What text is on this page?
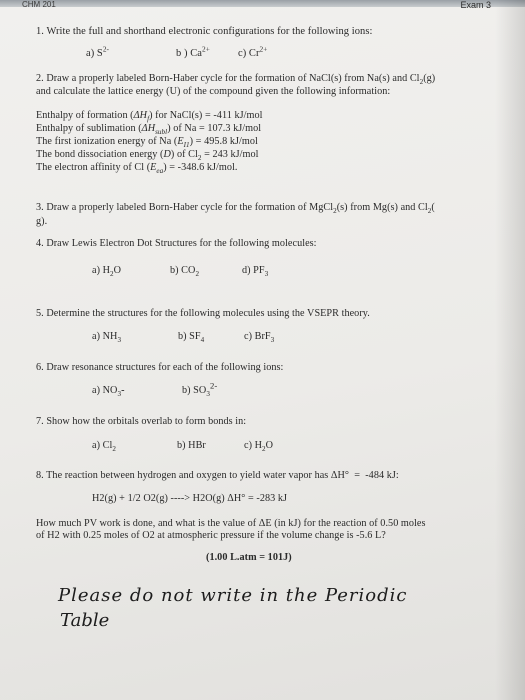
CHM 201	Exam 3
1. Write the full and shorthand electronic configurations for the following ions:
a) $S^{2-}$	b ) $Ca^{2+}$	c) $Cr^{2+}$
2. Draw a properly labeled Born-Haber cycle for the formation of NaCl(s) from Na(s) and $Cl_2(g)$
and calculate the lattice energy (U) of the compound given the following information:
Enthalpy of formation $(\Delta H_f)$ for NaCl(s) = -411 kJ/mol
Enthalpy of sublimation $(\Delta H_{subl})$ of Na = 107.3 kJ/mol
The first ionization energy of Na $(E_{I1}) = 495.8$ kJ/mol
The bond dissociation energy (D) of $Cl_2 = 243$ kJ/mol
The electron affinity of Cl $(E_{ea}) = -348.6$ kJ/mol.
3. Draw a properly labeled Born-Haber cycle for the formation of MgCl$_2$(s) from Mg(s) and $Cl_2$(
g).
4. Draw Lewis Electron Dot Structures for the following molecules:
a) $H_2O$	b) $CO_2$	d) $PF_3$
5. Determine the structures for the following molecules using the VSEPR theory.
a) $NH_3$	b) $SF_4$	c) BrF$_3$
6. Draw resonance structures for each of the following ions:
a) $NO_3-$	b) $SO_3^{2-}$
7. Show how the orbitals overlab to form bonds in:
a) $Cl_2$	b) HBr	c) $H_2O$
8. The reaction between hydrogen and oxygen to yield water vapor has ΔH°  =  -484 kJ:
H2(g) + 1/2 O2(g) ----> H2O(g) ΔH° = -283 kJ
How much PV work is done, and what is the value of ΔE (in kJ) for the reaction of 0.50 moles
of H2 with 0.25 moles of O2 at atmospheric pressure if the volume change is -5.6 L?
(1.00 L.atm = 101J)
Please do not write in the Periodic
Table
